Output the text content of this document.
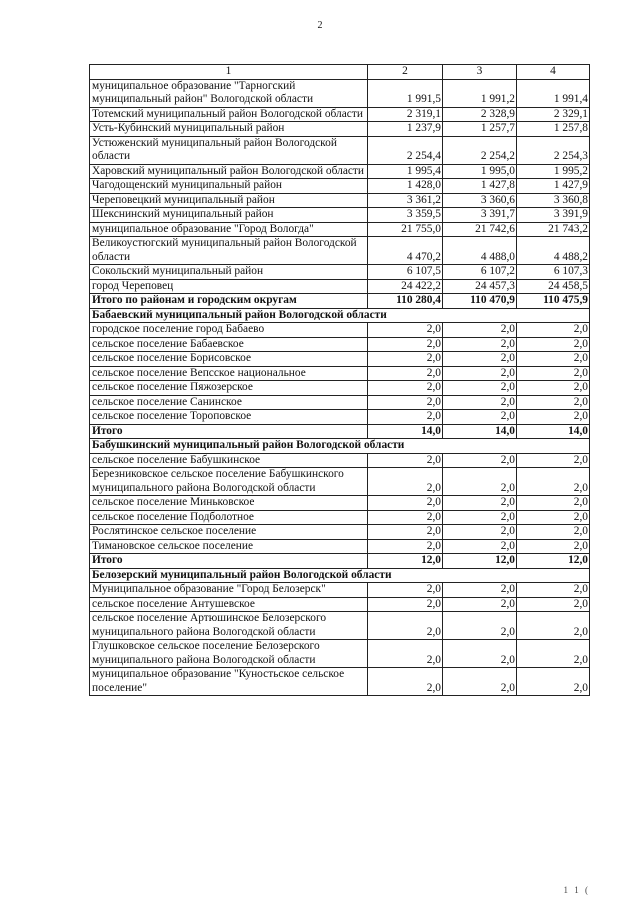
2
1	2	3	4
муниципальное образование "Тарногский муниципальный район" Вологодской области	1 991,5	1 991,2	1 991,4
Тотемский муниципальный район Вологодской области	2 319,1	2 328,9	2 329,1
Усть-Кубинский муниципальный район	1 237,9	1 257,7	1 257,8
Устюженский муниципальный район Вологодской области	2 254,4	2 254,2	2 254,3
Харовский муниципальный район Вологодской области	1 995,4	1 995,0	1 995,2
Чагодощенский муниципальный район	1 428,0	1 427,8	1 427,9
Череповецкий муниципальный район	3 361,2	3 360,6	3 360,8
Шекснинский муниципальный район	3 359,5	3 391,7	3 391,9
муниципальное образование "Город Вологда"	21 755,0	21 742,6	21 743,2
Великоустюгский муниципальный район Вологодской области	4 470,2	4 488,0	4 488,2
Сокольский муниципальный район	6 107,5	6 107,2	6 107,3
город Череповец	24 422,2	24 457,3	24 458,5
Итого по районам и городским округам	110 280,4	110 470,9	110 475,9
Бабаевский муниципальный район Вологодской области			
городское поселение город Бабаево	2,0	2,0	2,0
сельское поселение Бабаевское	2,0	2,0	2,0
сельское поселение Борисовское	2,0	2,0	2,0
сельское поселение Вепсское национальное	2,0	2,0	2,0
сельское поселение Пяжозерское	2,0	2,0	2,0
сельское поселение Санинское	2,0	2,0	2,0
сельское поселение Тороповское	2,0	2,0	2,0
Итого	14,0	14,0	14,0
Бабушкинский муниципальный район Вологодской области			
сельское поселение Бабушкинское	2,0	2,0	2,0
Березниковское сельское поселение Бабушкинского муниципального района Вологодской области	2,0	2,0	2,0
сельское поселение Миньковское	2,0	2,0	2,0
сельское поселение Подболотное	2,0	2,0	2,0
Рослятинское сельское поселение	2,0	2,0	2,0
Тимановское сельское поселение	2,0	2,0	2,0
Итого	12,0	12,0	12,0
Белозерский муниципальный район Вологодской области			
Муниципальное образование "Город Белозерск"	2,0	2,0	2,0
сельское поселение Антушевское	2,0	2,0	2,0
сельское поселение Артюшинское Белозерского муниципального района Вологодской области	2,0	2,0	2,0
Глушковское сельское поселение Белозерского муниципального района Вологодской области	2,0	2,0	2,0
муниципальное образование "Куностьское сельское поселение"	2,0	2,0	2,0
1 1 (
